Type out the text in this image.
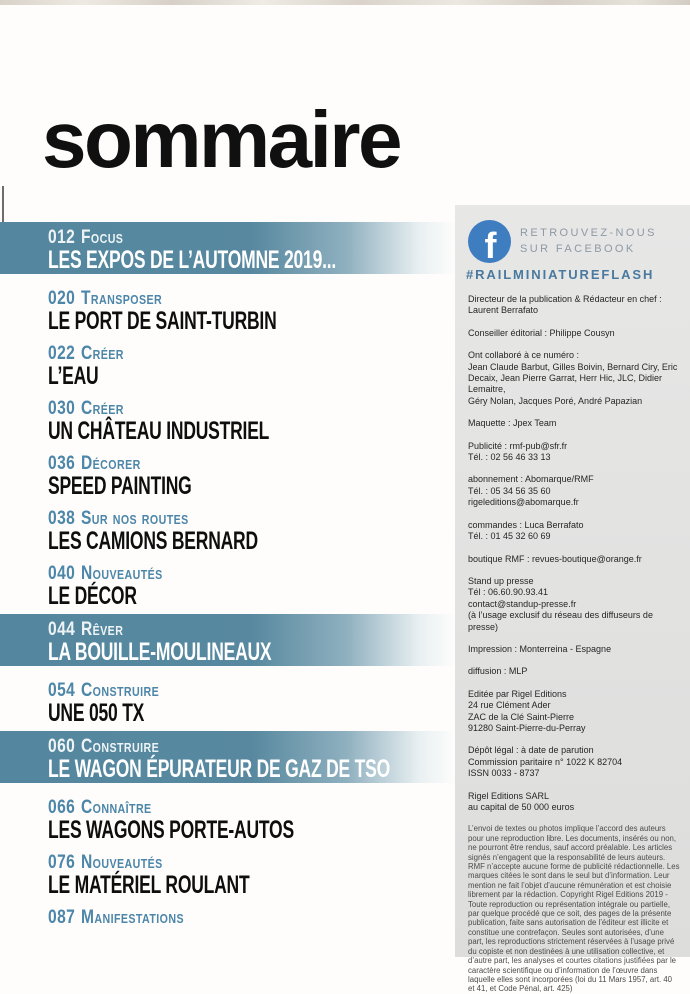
sommaire
012 Focus
LES EXPOS DE L’AUTOMNE 2019...
020 Transposer
LE PORT DE SAINT-TURBIN
022 Créer
L’EAU
030 Créer
UN CHÂTEAU INDUSTRIEL
036 Décorer
SPEED PAINTING
038 Sur nos routes
LES CAMIONS BERNARD
040 Nouveautés
LE DÉCOR
044 Rêver
LA BOUILLE-MOULINEAUX
054 Construire
UNE 050 TX
060 Construire
LE WAGON ÉPURATEUR DE GAZ DE TSO
066 Connaître
LES WAGONS PORTE-AUTOS
076 Nouveautés
LE MATÉRIEL ROULANT
087 Manifestations
f RETROUVEZ-NOUS
SUR FACEBOOK
#RAILMINIATUREFLASH

Directeur de la publication & Rédacteur en chef :
Laurent Berrafato

Conseiller éditorial : Philippe Cousyn

Ont collaboré à ce numéro :
Jean Claude Barbut, Gilles Boivin, Bernard Ciry, Eric
Decaix, Jean Pierre Garrat, Herr Hic, JLC, Didier Lemaitre,
Géry Nolan, Jacques Poré, André Papazian

Maquette : Jpex Team

Publicité : rmf-pub@sfr.fr
Tél. : 02 56 46 33 13

abonnement : Abomarque/RMF
Tél. : 05 34 56 35 60
rigeleditions@abomarque.fr

commandes : Luca Berrafato
Tél. : 01 45 32 60 69

boutique RMF : revues-boutique@orange.fr

Stand up presse
Tél : 06.60.90.93.41
contact@standup-presse.fr
(à l’usage exclusif du réseau des diffuseurs de presse)

Impression : Monterreina - Espagne

diffusion : MLP

Editée par Rigel Editions
24 rue Clément Ader
ZAC de la Clé Saint-Pierre
91280 Saint-Pierre-du-Perray

Dépôt légal : à date de parution
Commission paritaire n° 1022 K 82704
ISSN 0033 - 8737

Rigel Editions SARL
au capital de 50 000 euros

L’envoi de textes ou photos implique l’accord des auteurs pour une reproduction libre. Les documents, insérés ou non, ne pourront être rendus, sauf accord préalable. Les articles signés n’engagent que la responsabilité de leurs auteurs. RMF n’accepte aucune forme de publicité rédactionnelle. Les marques citées le sont dans le seul but d’information. Leur mention ne fait l’objet d’aucune rémunération et est choisie librement par la rédaction. Copyright Rigel Editions 2019 - Toute reproduction ou représentation intégrale ou partielle, par quelque procédé que ce soit, des pages de la présente publication, faite sans autorisation de l’éditeur est illicite et constitue une contrefaçon. Seules sont autorisées, d’une part, les reproductions strictement réservées à l’usage privé du copiste et non destinées à une utilisation collective, et d’autre part, les analyses et courtes citations justifiées par le caractère scientifique ou d’information de l’œuvre dans laquelle elles sont incorporées (loi du 11 Mars 1957, art. 40 et 41, et Code Pénal, art. 425)
